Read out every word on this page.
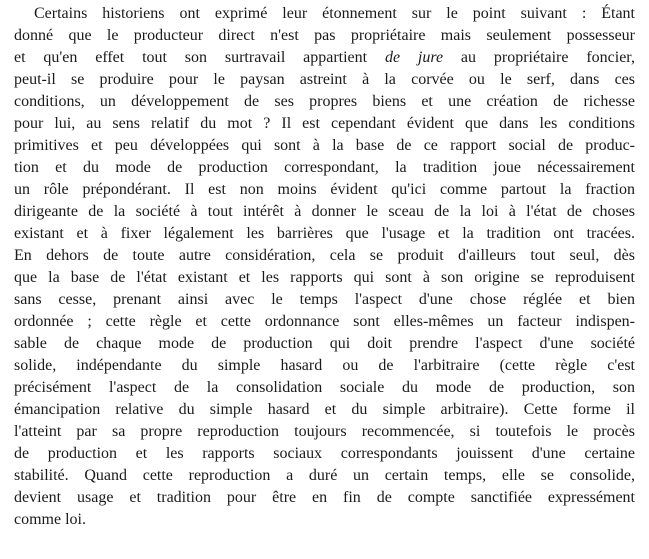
Certains historiens ont exprimé leur étonnement sur le point suivant : Étant

donné que le producteur direct n'est pas propriétaire mais seulement possesseur

et qu'en effet tout son surtravail appartient de jure au propriétaire foncier,

peut-il se produire pour le paysan astreint à la corvée ou le serf, dans ces

conditions, un développement de ses propres biens et une création de richesse

pour lui, au sens relatif du mot ? Il est cependant évident que dans les conditions

primitives et peu développées qui sont à la base de ce rapport social de produc-

tion et du mode de production correspondant, la tradition joue nécessairement

un rôle prépondérant. Il est non moins évident qu'ici comme partout la fraction

dirigeante de la société à tout intérêt à donner le sceau de la loi à l'état de choses

existant et à fixer légalement les barrières que l'usage et la tradition ont tracées.

En dehors de toute autre considération, cela se produit d'ailleurs tout seul, dès

que la base de l'état existant et les rapports qui sont à son origine se reproduisent

sans cesse, prenant ainsi avec le temps l'aspect d'une chose réglée et bien

ordonnée ; cette règle et cette ordonnance sont elles-mêmes un facteur indispen-

sable de chaque mode de production qui doit prendre l'aspect d'une société

solide, indépendante du simple hasard ou de l'arbitraire (cette règle c'est

précisément l'aspect de la consolidation sociale du mode de production, son

émancipation relative du simple hasard et du simple arbitraire). Cette forme il

l'atteint par sa propre reproduction toujours recommencée, si toutefois le procès

de production et les rapports sociaux correspondants jouissent d'une certaine

stabilité. Quand cette reproduction a duré un certain temps, elle se consolide,

devient usage et tradition pour être en fin de compte sanctifiée expressément

comme loi.
